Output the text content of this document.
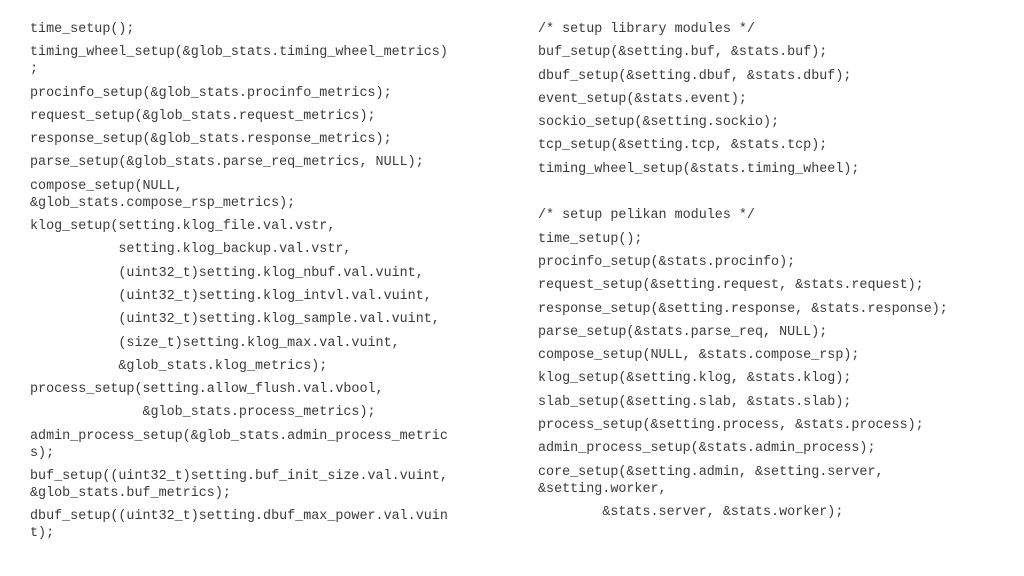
time_setup();
timing_wheel_setup(&glob_stats.timing_wheel_metrics)
;
procinfo_setup(&glob_stats.procinfo_metrics);
request_setup(&glob_stats.request_metrics);
response_setup(&glob_stats.response_metrics);
parse_setup(&glob_stats.parse_req_metrics, NULL);
compose_setup(NULL,
&glob_stats.compose_rsp_metrics);
klog_setup(setting.klog_file.val.vstr,
setting.klog_backup.val.vstr,
(uint32_t)setting.klog_nbuf.val.vuint,
(uint32_t)setting.klog_intvl.val.vuint,
(uint32_t)setting.klog_sample.val.vuint,
(size_t)setting.klog_max.val.vuint,
&glob_stats.klog_metrics);
process_setup(setting.allow_flush.val.vbool,
&glob_stats.process_metrics);
admin_process_setup(&glob_stats.admin_process_metric
s);
buf_setup((uint32_t)setting.buf_init_size.val.vuint,
&glob_stats.buf_metrics);
dbuf_setup((uint32_t)setting.dbuf_max_power.val.vuin
t);
/* setup library modules */
buf_setup(&setting.buf, &stats.buf);
dbuf_setup(&setting.dbuf, &stats.dbuf);
event_setup(&stats.event);
sockio_setup(&setting.sockio);
tcp_setup(&setting.tcp, &stats.tcp);
timing_wheel_setup(&stats.timing_wheel);
/* setup pelikan modules */
time_setup();
procinfo_setup(&stats.procinfo);
request_setup(&setting.request, &stats.request);
response_setup(&setting.response, &stats.response);
parse_setup(&stats.parse_req, NULL);
compose_setup(NULL, &stats.compose_rsp);
klog_setup(&setting.klog, &stats.klog);
slab_setup(&setting.slab, &stats.slab);
process_setup(&setting.process, &stats.process);
admin_process_setup(&stats.admin_process);
core_setup(&setting.admin, &setting.server,
&setting.worker,
&stats.server, &stats.worker);
